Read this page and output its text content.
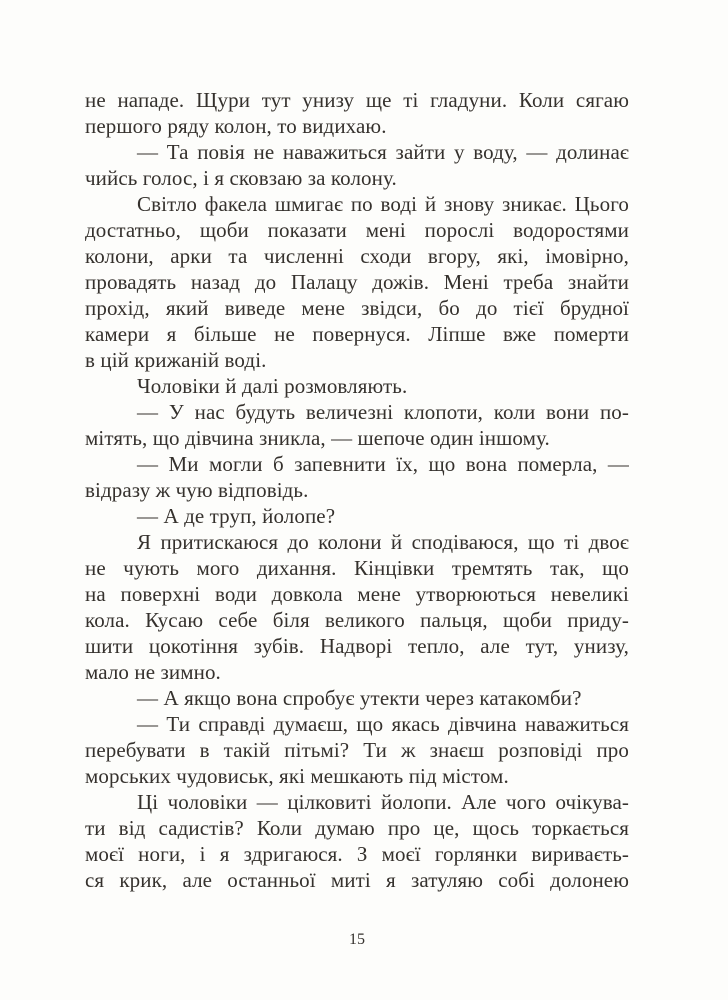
не нападе. Щури тут унизу ще ті гладуни. Коли сягаю
першого ряду колон, то видихаю.
— Та повія не наважиться зайти у воду, — долинає
чийсь голос, і я сковзаю за колону.
Світло факела шмигає по воді й знову зникає. Цього
достатньо, щоби показати мені порослі водоростями
колони, арки та численні сходи вгору, які, імовірно,
провадять назад до Палацу дожів. Мені треба знайти
прохід, який виведе мене звідси, бо до тієї брудної
камери я більше не повернуся. Ліпше вже померти
в цій крижаній воді.
Чоловіки й далі розмовляють.
— У нас будуть величезні клопоти, коли вони по-
мітять, що дівчина зникла, — шепоче один іншому.
— Ми могли б запевнити їх, що вона померла, —
відразу ж чую відповідь.
— А де труп, йолопе?
Я притискаюся до колони й сподіваюся, що ті двоє
не чують мого дихання. Кінцівки тремтять так, що
на поверхні води довкола мене утворюються невеликі
кола. Кусаю себе біля великого пальця, щоби приду-
шити цокотіння зубів. Надворі тепло, але тут, унизу,
мало не зимно.
— А якщо вона спробує утекти через катакомби?
— Ти справді думаєш, що якась дівчина наважиться
перебувати в такій пітьмі? Ти ж знаєш розповіді про
морських чудовиськ, які мешкають під містом.
Ці чоловіки — цілковиті йолопи. Але чого очікува-
ти від садистів? Коли думаю про це, щось торкається
моєї ноги, і я здригаюся. З моєї горлянки вириваєть-
ся крик, але останньої миті я затуляю собі долонею
15
